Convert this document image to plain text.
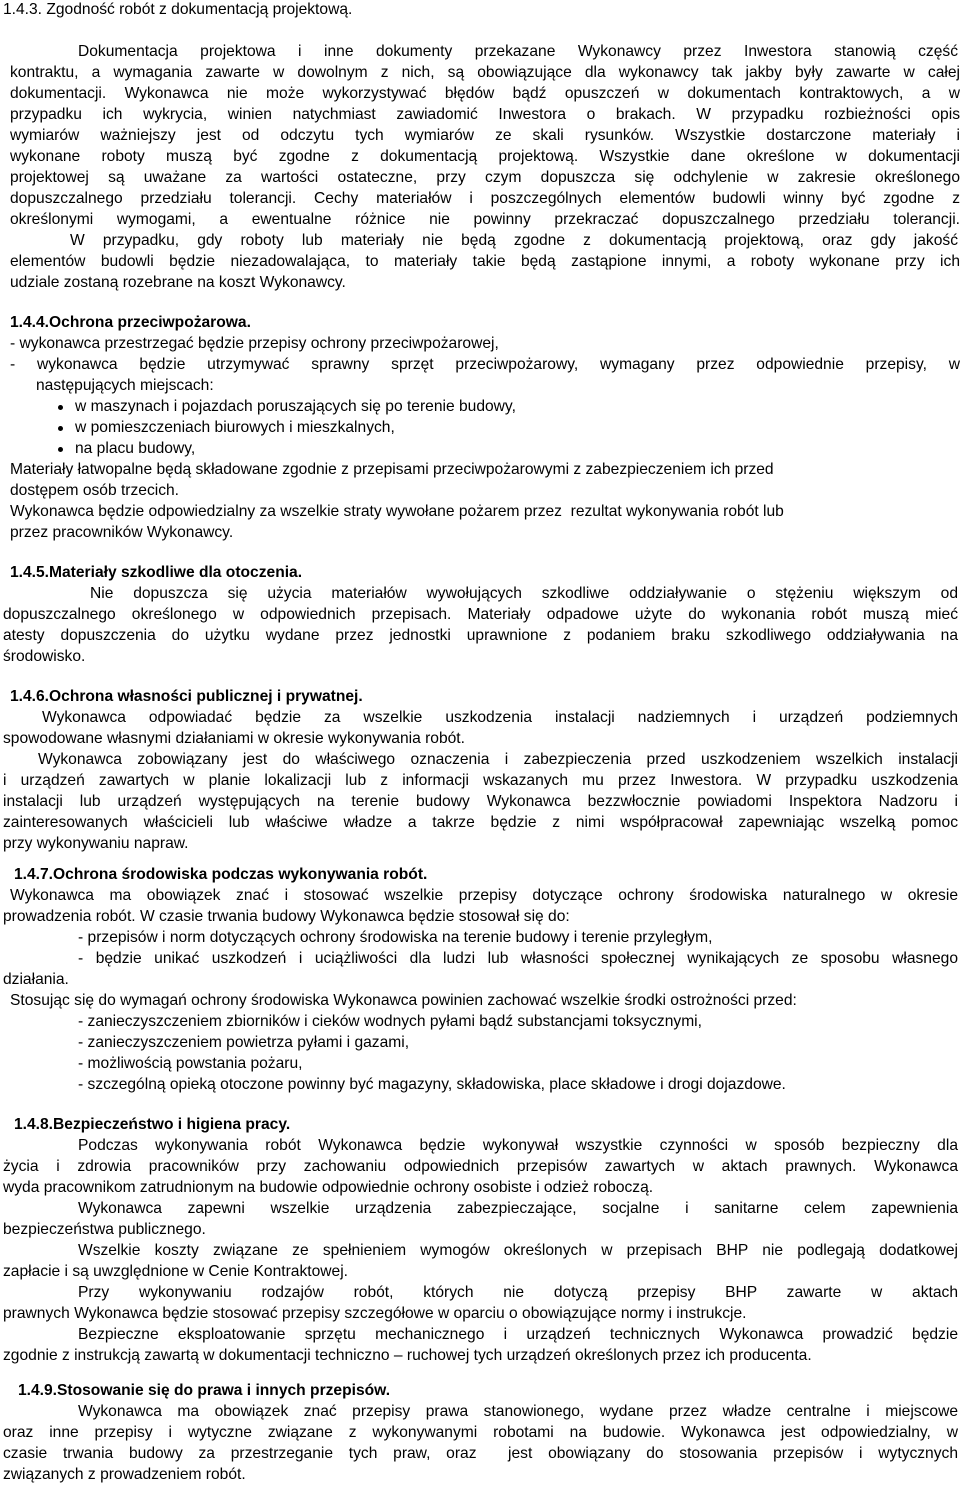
1.4.3. Zgodność robót z dokumentacją projektową.
Dokumentacja projektowa i inne dokumenty przekazane Wykonawcy przez Inwestora stanowią część
kontraktu, a wymagania zawarte w dowolnym z nich, są obowiązujące dla wykonawcy tak jakby były zawarte w całej
dokumentacji. Wykonawca nie może wykorzystywać błędów bądź opuszczeń w dokumentach kontraktowych, a w
przypadku ich wykrycia, winien natychmiast zawiadomić Inwestora o brakach. W przypadku rozbieżności opis
wymiarów ważniejszy jest od odczytu tych wymiarów ze skali rysunków. Wszystkie dostarczone materiały i
wykonane roboty muszą być zgodne z dokumentacją projektową. Wszystkie dane określone w dokumentacji
projektowej są uważane za wartości ostateczne, przy czym dopuszcza się odchylenie w zakresie określonego
dopuszczalnego przedziału tolerancji. Cechy materiałów i poszczególnych elementów budowli winny być zgodne z
określonymi wymogami, a ewentualne różnice nie powinny przekraczać dopuszczalnego przedziału tolerancji.
W przypadku, gdy roboty lub materiały nie będą zgodne z dokumentacją projektową, oraz gdy jakość
elementów budowli będzie niezadowalająca, to materiały takie będą zastąpione innymi, a roboty wykonane przy ich
udziale zostaną rozebrane na koszt Wykonawcy.
1.4.4.Ochrona przeciwpożarowa.
- wykonawca przestrzegać będzie przepisy ochrony przeciwpożarowej,
- wykonawca będzie utrzymywać sprawny sprzęt przeciwpożarowy, wymagany przez odpowiednie przepisy, w
następujących miejscach:

w maszynach i pojazdach poruszających się po terenie budowy,

w pomieszczeniach biurowych i mieszkalnych,

na placu budowy,

Materiały łatwopalne będą składowane zgodnie z przepisami przeciwpożarowymi z zabezpieczeniem ich przed
dostępem osób trzecich.
Wykonawca będzie odpowiedzialny za wszelkie straty wywołane pożarem przez  rezultat wykonywania robót lub
przez pracowników Wykonawcy.
1.4.5.Materiały szkodliwe dla otoczenia.
Nie dopuszcza się użycia materiałów wywołujących szkodliwe oddziaływanie o stężeniu większym od
dopuszczalnego określonego w odpowiednich przepisach. Materiały odpadowe użyte do wykonania robót muszą mieć
atesty dopuszczenia do użytku wydane przez jednostki uprawnione z podaniem braku szkodliwego oddziaływania na
środowisko.
1.4.6.Ochrona własności publicznej i prywatnej.
Wykonawca odpowiadać będzie za wszelkie uszkodzenia instalacji nadziemnych i urządzeń podziemnych
spowodowane własnymi działaniami w okresie wykonywania robót.
Wykonawca zobowiązany jest do właściwego oznaczenia i zabezpieczenia przed uszkodzeniem wszelkich instalacji
i urządzeń zawartych w planie lokalizacji lub z informacji wskazanych mu przez Inwestora. W przypadku uszkodzenia
instalacji lub urządzeń występujących na terenie budowy Wykonawca bezzwłocznie powiadomi Inspektora Nadzoru i
zainteresowanych właścicieli lub właściwe władze a takrze będzie z nimi współpracował zapewniając wszelką pomoc
przy wykonywaniu napraw.
1.4.7.Ochrona środowiska podczas wykonywania robót.
Wykonawca ma obowiązek znać i stosować wszelkie przepisy dotyczące ochrony środowiska naturalnego w okresie
prowadzenia robót. W czasie trwania budowy Wykonawca będzie stosował się do:
- przepisów i norm dotyczących ochrony środowiska na terenie budowy i terenie przyległym,
- będzie unikać uszkodzeń i uciążliwości dla ludzi lub własności społecznej wynikających ze sposobu własnego
działania.
Stosując się do wymagań ochrony środowiska Wykonawca powinien zachować wszelkie środki ostrożności przed:
- zanieczyszczeniem zbiorników i cieków wodnych pyłami bądź substancjami toksycznymi,
- zanieczyszczeniem powietrza pyłami i gazami,
- możliwością powstania pożaru,
- szczególną opieką otoczone powinny być magazyny, składowiska, place składowe i drogi dojazdowe.
1.4.8.Bezpieczeństwo i higiena pracy.
Podczas wykonywania robót Wykonawca będzie wykonywał wszystkie czynności w sposób bezpieczny dla
życia i zdrowia pracowników przy zachowaniu odpowiednich przepisów zawartych w aktach prawnych. Wykonawca
wyda pracownikom zatrudnionym na budowie odpowiednie ochrony osobiste i odzież roboczą.
Wykonawca zapewni wszelkie urządzenia zabezpieczające, socjalne i sanitarne celem zapewnienia
bezpieczeństwa publicznego.
Wszelkie koszty związane ze spełnieniem wymogów określonych w przepisach BHP nie podlegają dodatkowej
zapłacie i są uwzględnione w Cenie Kontraktowej.
Przy wykonywaniu rodzajów robót, których nie dotyczą przepisy BHP zawarte w aktach
prawnych Wykonawca będzie stosować przepisy szczegółowe w oparciu o obowiązujące normy i instrukcje.
Bezpieczne eksploatowanie sprzętu mechanicznego i urządzeń technicznych Wykonawca prowadzić będzie
zgodnie z instrukcją zawartą w dokumentacji techniczno – ruchowej tych urządzeń określonych przez ich producenta.
1.4.9.Stosowanie się do prawa i innych przepisów.
Wykonawca ma obowiązek znać przepisy prawa stanowionego, wydane przez władze centralne i miejscowe
oraz inne przepisy i wytyczne związane z wykonywanymi robotami na budowie. Wykonawca jest odpowiedzialny, w
czasie trwania budowy za przestrzeganie tych praw, oraz  jest obowiązany do stosowania przepisów i wytycznych
związanych z prowadzeniem robót.
